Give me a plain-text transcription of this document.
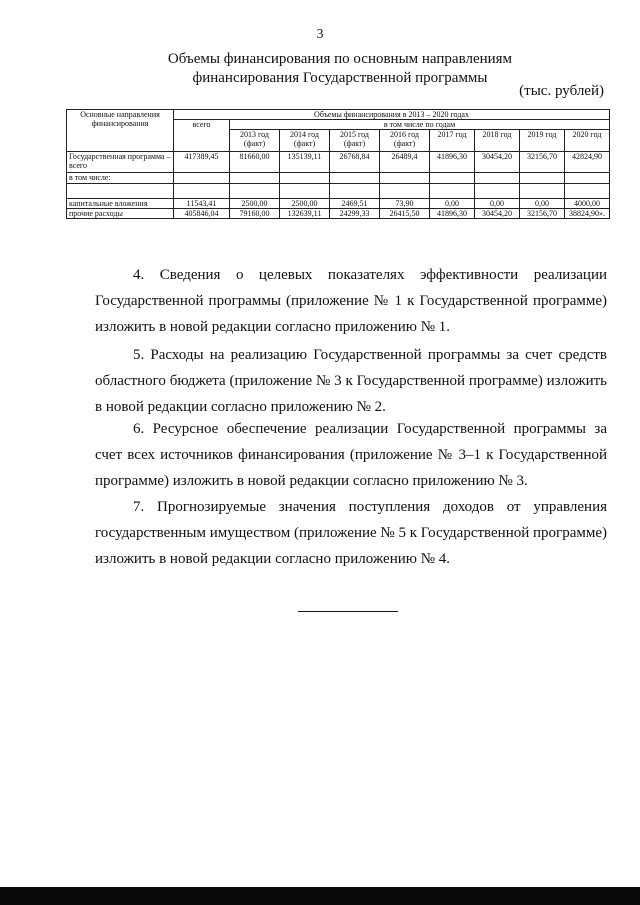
3
Объемы финансирования по основным направлениям
финансирования Государственной программы
(тыс. рублей)
Основные направления финансирования	Объемы финансирования в 2013 – 2020 годах								
	всего	в том числе по годам							
		2013 год (факт)	2014 год (факт)	2015 год (факт)	2016 год (факт)	2017 год	2018 год	2019 год	2020 год
Государственная программа – всего	417389,45	81660,00	135139,11	26768,84	26489,4	41896,30	30454,20	32156,70	42824,90
в том числе:									

капитальные вложения	11543,41	2500,00	2500,00	2469,51	73,90	0,00	0,00	0,00	4000,00
прочие расходы	405846,04	79160,00	132639,11	24299,33	26415,50	41896,30	30454,20	32156,70	38824,90».
4. Сведения о целевых показателях эффективности реализации Государственной программы (приложение № 1 к Государственной программе) изложить в новой редакции согласно приложению № 1.
5. Расходы на реализацию Государственной программы за счет средств областного бюджета (приложение № 3 к Государственной программе) изложить в новой редакции согласно приложению № 2.
6. Ресурсное обеспечение реализации Государственной программы за счет всех источников финансирования (приложение № 3–1 к Государственной программе) изложить в новой редакции согласно приложению № 3.
7. Прогнозируемые значения поступления доходов от управления государственным имуществом (приложение № 5 к Государственной программе) изложить в новой редакции согласно приложению № 4.
